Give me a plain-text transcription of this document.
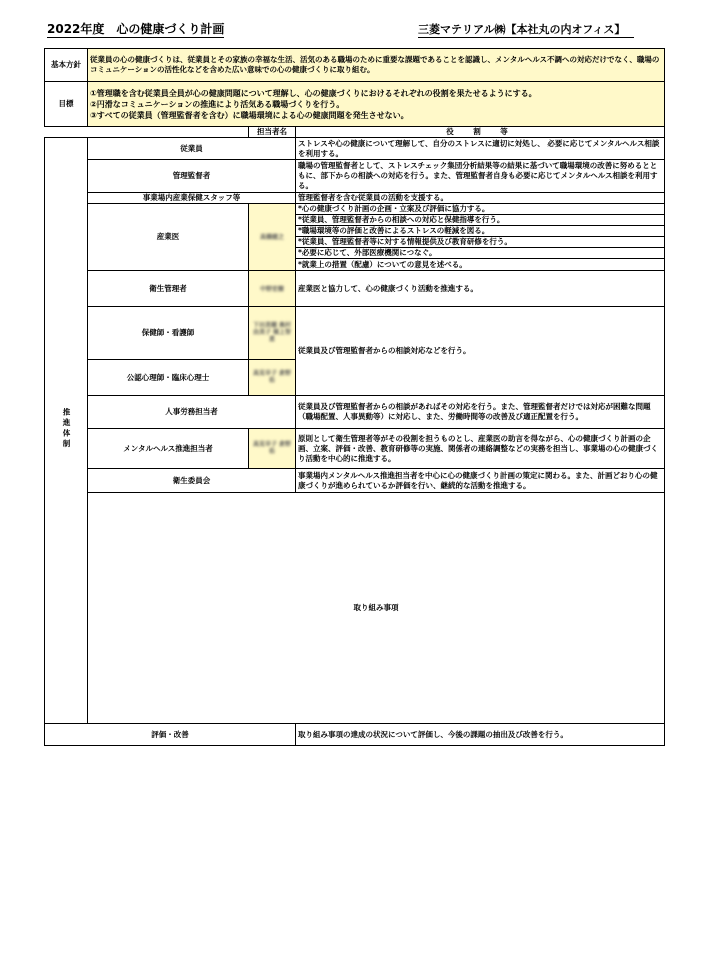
2022年度　心の健康づくり計画	三菱マテリアル㈱【本社丸の内オフィス】
基本方針	従業員の心の健康づくりは、従業員とその家族の幸福な生活、活気のある職場のために重要な課題であることを認識し、メンタルヘルス不調への対応だけでなく、職場のコミュニケーションの活性化などを含めた広い意味での心の健康づくりに取り組む。			
目標	①管理職を含む従業員全員が心の健康問題について理解し、心の健康づくりにおけるそれぞれの役割を果たせるようにする。
②円滑なコミュニケーションの推進により活気ある職場づくりを行う。
③すべての従業員（管理監督者を含む）に職場環境による心の健康問題を発生させない。			

		担当者名	役　割　等	
推進体制	従業員		ストレスや心の健康について理解して、自分のストレスに適切に対処し、 必要に応じてメンタルヘルス相談を利用する。	
	管理監督者		職場の管理監督者として、ストレスチェック集団分析結果等の結果に基づいて職場環境の改善に努めるとともに、部下からの相談への対応を行う。また、管理監督者自身も必要に応じてメンタルヘルス相談を利用する。	
	事業場内産業保健スタッフ等		管理監督者を含む従業員の活動を支援する。	
	産業医	高橋健之	*心の健康づくり計画の企画・立案及び評価に協力する。	
			*従業員、管理監督者からの相談への対応と保健指導を行う。	
			*職場環境等の評価と改善によるストレスの軽減を図る。	
			*従業員、管理監督者等に対する情報提供及び教育研修を行う。	
			*必要に応じて、外部医療機関につなぐ。	
			*就業上の措置（配慮）についての意見を述べる。	
	衛生管理者	中野宏樹	産業医と協力して、心の健康づくり活動を推進する。	
	保健師・看護師	下田美穂 奥村由美子 堀上智恵	従業員及び管理監督者からの相談対応などを行う。	
	公認心理師・臨床心理士	高見早子 倉野佑		
	人事労務担当者		従業員及び管理監督者からの相談があればその対応を行う。また、管理監督者だけでは対応が困難な問題（職場配置、人事異動等）に対応し、また、労働時間等の改善及び適正配置を行う。	
	メンタルヘルス推進担当者	高見早子 倉野佑	原則として衛生管理者等がその役割を担うものとし、産業医の助言を得ながら、心の健康づくり計画の企画、立案、評価・改善、教育研修等の実施、関係者の連絡調整などの実務を担当し、事業場の心の健康づくり活動を中心的に推進する。	
	衛生委員会		事業場内メンタルヘルス推進担当者を中心に心の健康づくり計画の策定に関わる。また、計画どおり心の健康づくりが進められているか評価を行い、継続的な活動を推進する。	
	取り組み事項	
評価・改善			取り組み事項の達成の状況について評価し、今後の課題の抽出及び改善を行う。	
